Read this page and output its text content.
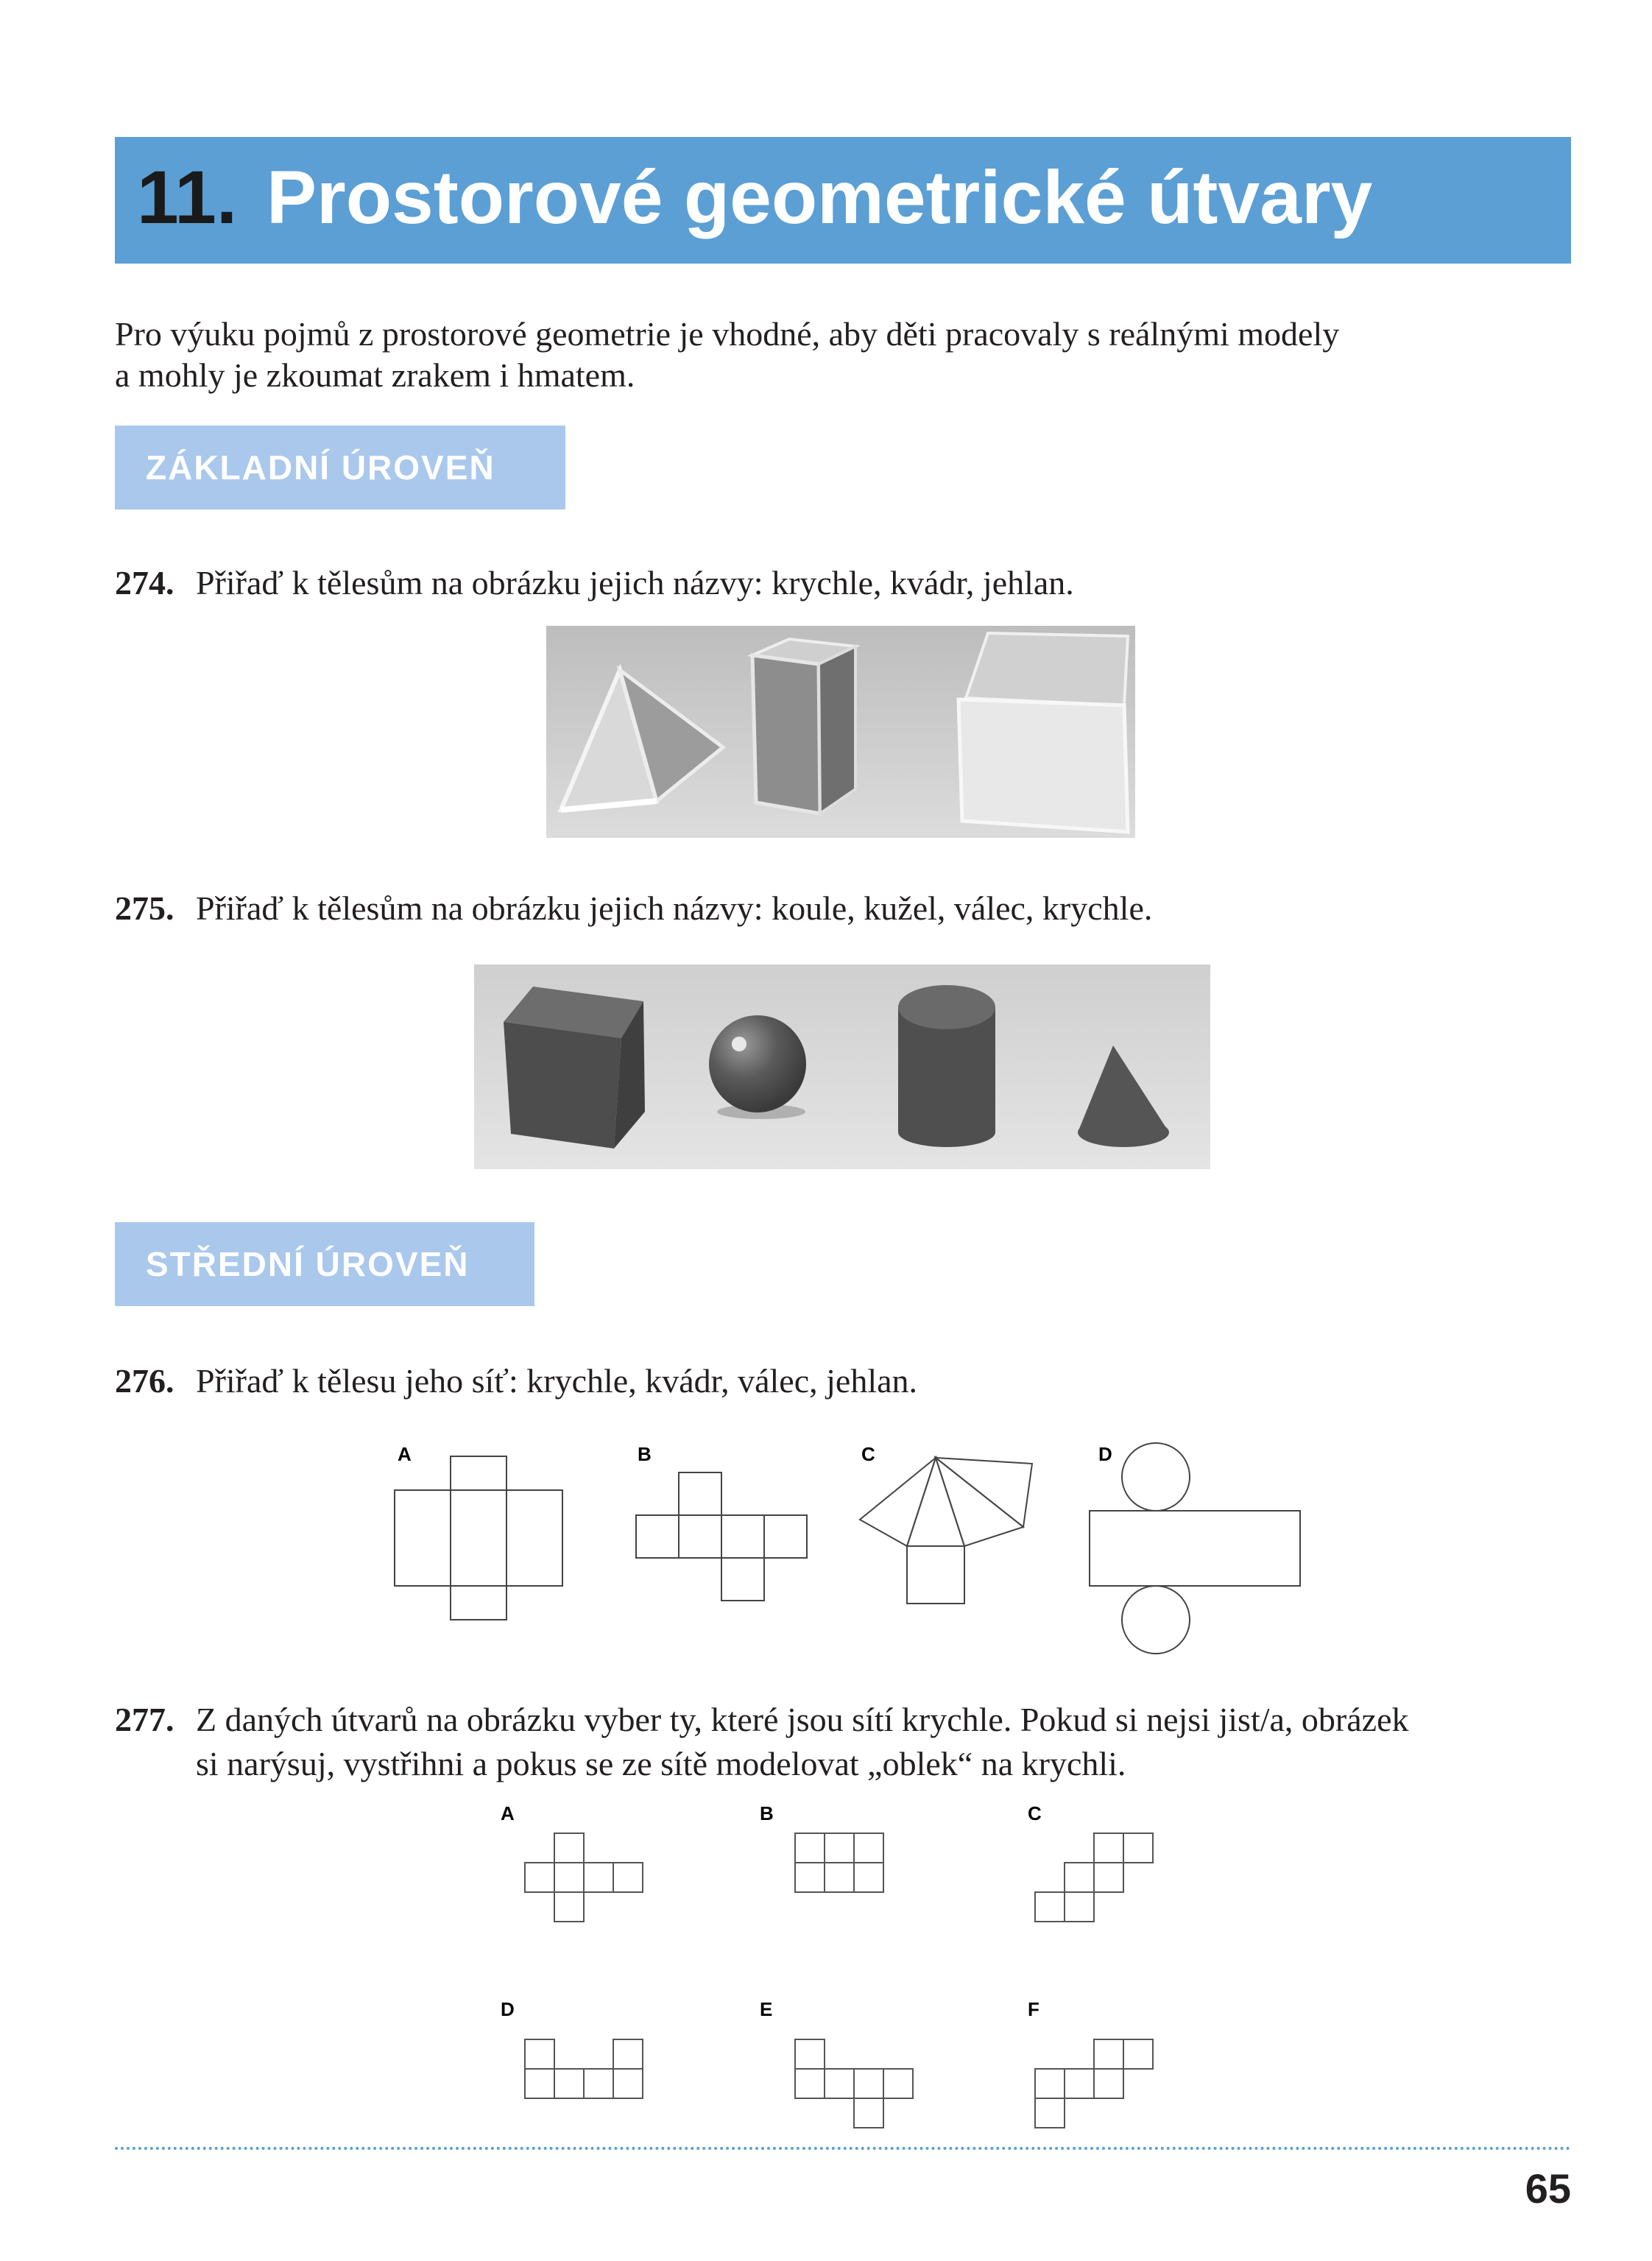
11. Prostorové geometrické útvary
Pro výuku pojmů z prostorové geometrie je vhodné, aby děti pracovaly s reálnými modely
a mohly je zkoumat zrakem i hmatem.
ZÁKLADNÍ ÚROVEŇ
274. Přiřaď k tělesům na obrázku jejich názvy: krychle, kvádr, jehlan.
275. Přiřaď k tělesům na obrázku jejich názvy: koule, kužel, válec, krychle.
STŘEDNÍ ÚROVEŇ
276. Přiřaď k tělesu jeho síť: krychle, kvádr, válec, jehlan.
A	B	C	D
277. Z daných útvarů na obrázku vyber ty, které jsou sítí krychle. Pokud si nejsi jist/a, obrázek
si narýsuj, vystřihni a pokus se ze sítě modelovat „oblek“ na krychli.
A	B	C
D	E	F
65
